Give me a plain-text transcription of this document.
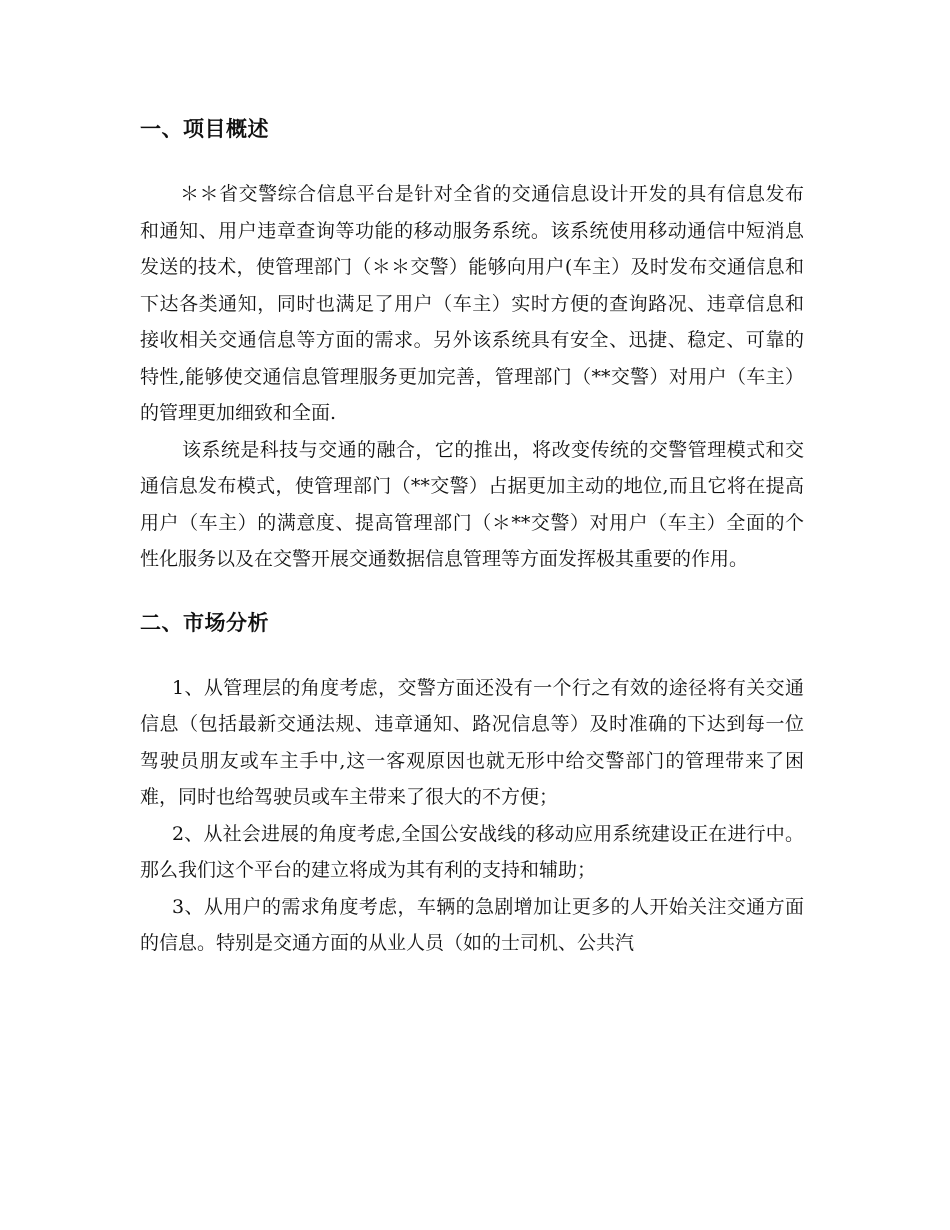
一、项目概述

＊＊省交警综合信息平台是针对全省的交通信息设计开发的具有信息发布和通知、用户违章查询等功能的移动服务系统。该系统使用移动通信中短消息发送的技术，使管理部门（＊＊交警）能够向用户(车主）及时发布交通信息和下达各类通知，同时也满足了用户（车主）实时方便的查询路况、违章信息和接收相关交通信息等方面的需求。另外该系统具有安全、迅捷、稳定、可靠的特性,能够使交通信息管理服务更加完善，管理部门（**交警）对用户（车主）的管理更加细致和全面.

该系统是科技与交通的融合，它的推出，将改变传统的交警管理模式和交通信息发布模式，使管理部门（**交警）占据更加主动的地位,而且它将在提高用户（车主）的满意度、提高管理部门（＊**交警）对用户（车主）全面的个性化服务以及在交警开展交通数据信息管理等方面发挥极其重要的作用。

二、市场分析

1、从管理层的角度考虑，交警方面还没有一个行之有效的途径将有关交通信息（包括最新交通法规、违章通知、路况信息等）及时准确的下达到每一位驾驶员朋友或车主手中,这一客观原因也就无形中给交警部门的管理带来了困难，同时也给驾驶员或车主带来了很大的不方便；

2、从社会进展的角度考虑,全国公安战线的移动应用系统建设正在进行中。那么我们这个平台的建立将成为其有利的支持和辅助；

3、从用户的需求角度考虑，车辆的急剧增加让更多的人开始关注交通方面的信息。特别是交通方面的从业人员（如的士司机、公共汽
